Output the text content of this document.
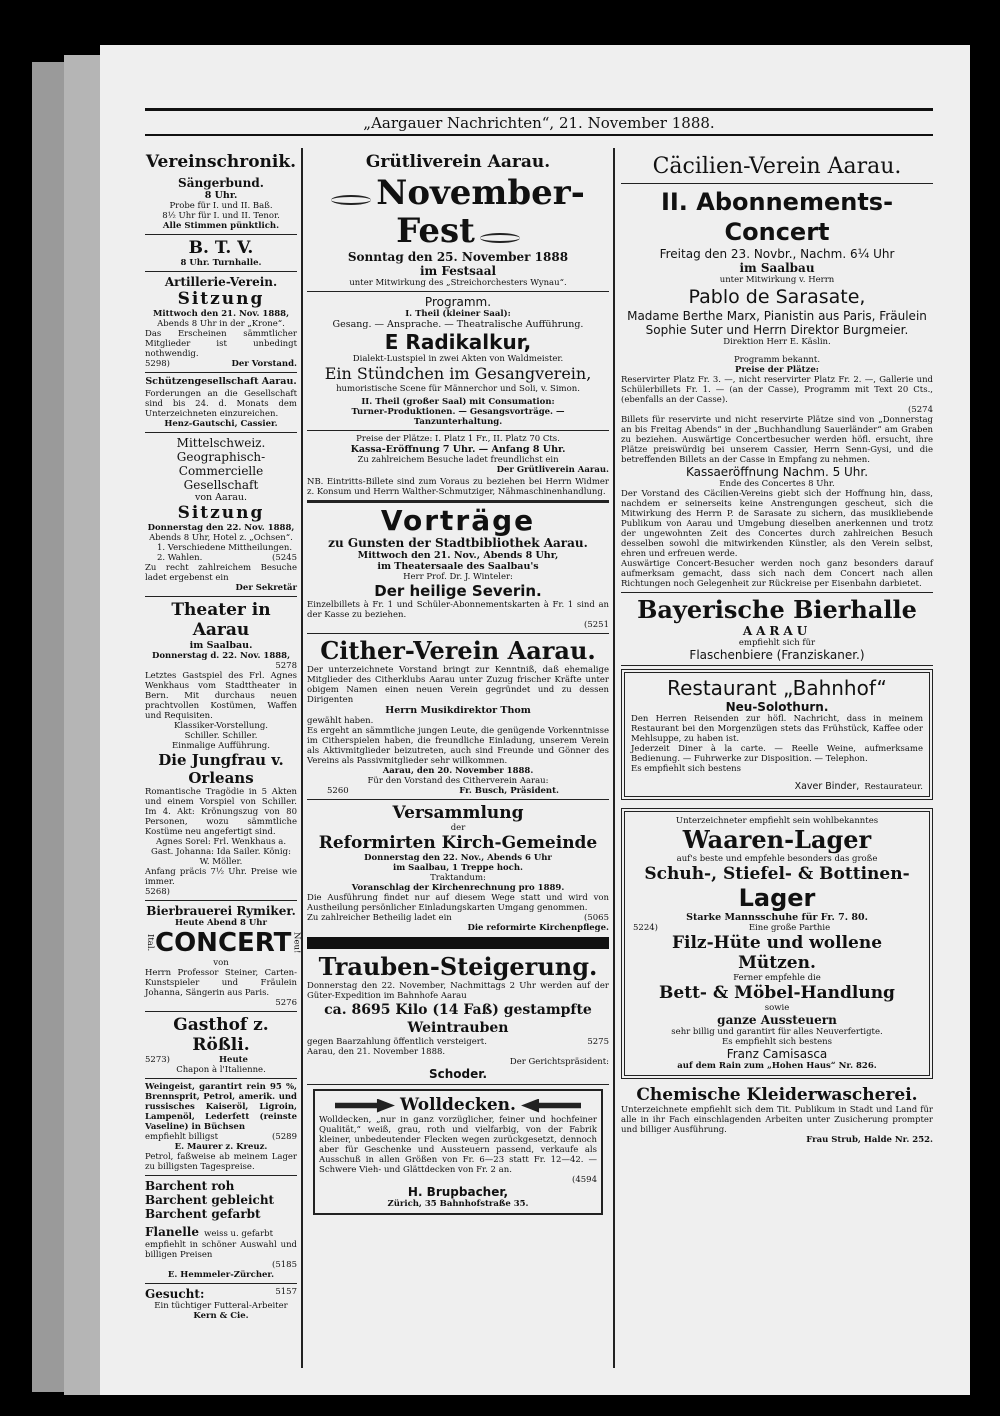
„Aargauer Nachrichten“, 21. November 1888.
Vereinschronik.
Sängerbund.
8 Uhr.
Probe für I. und II. Baß.
8½ Uhr für I. und II. Tenor.
Alle Stimmen pünktlich.
B. T. V.
8 Uhr. Turnhalle.
Artillerie-Verein.
Sitzung
Mittwoch den 21. Nov. 1888,
Abends 8 Uhr in der „Krone“.
Das Erscheinen sämmtlicher Mitglieder ist unbedingt nothwendig.
5298)	Der Vorstand.
Schützengesellschaft Aarau.
Forderungen an die Gesellschaft sind bis 24. d. Monats dem Unterzeichneten einzureichen.
Henz-Gautschi, Cassier.
Mittelschweiz. Geographisch-
Commercielle Gesellschaft
von Aarau.
Sitzung
Donnerstag den 22. Nov. 1888,
Abends 8 Uhr, Hotel z. „Ochsen“.
1. Verschiedene Mittheilungen.
2. Wahlen.	(5245
Zu recht zahlreichem Besuche ladet ergebenst ein
Der Sekretär
Theater in Aarau
im Saalbau.
Donnerstag d. 22. Nov. 1888,
5278
Letztes Gastspiel des Frl. Agnes Wenkhaus vom Stadttheater in Bern. Mit durchaus neuen prachtvollen Kostümen, Waffen und Requisiten.
Klassiker-Vorstellung.
Schiller. Schiller.
Einmalige Aufführung.
Die Jungfrau v. Orleans
Romantische Tragödie in 5 Akten und einem Vorspiel von Schiller. Im 4. Akt: Krönungszug von 80 Personen, wozu sämmtliche Kostüme neu angefertigt sind.
Agnes Sorel: Frl. Wenkhaus a. Gast. Johanna: Ida Sailer. König: W. Möller.
Anfang präcis 7½ Uhr. Preise wie immer.
5268)
Bierbrauerei Rymiker.
Heute Abend 8 Uhr
Ital. CONCERT Neu!
von
Herrn Professor Steiner, Carten-Kunstspieler und Fräulein Johanna, Sängerin aus Paris.
5276
Gasthof z. Rößli.
5273)	Heute
Chapon à l'Italienne.
Weingeist, garantirt rein 95 %, Brennsprit, Petrol, amerik. und russisches Kaiseröl, Ligroin, Lampenöl, Lederfett (reinste Vaseline) in Büchsen
empfiehlt billigst	(5289
E. Maurer z. Kreuz.
Petrol, faßweise ab meinem Lager zu billigsten Tagespreise.
Barchent roh
Barchent gebleicht
Barchent gefarbt
Flanelle weiss u. gefarbt
empfiehlt in schöner Auswahl und billigen Preisen
(5185
E. Hemmeler-Zürcher.
Gesucht:	5157
Ein tüchtiger Futteral-Arbeiter
Kern & Cie.
Grütliverein Aarau.
November-Fest
Sonntag den 25. November 1888
im Festsaal
unter Mitwirkung des „Streichorchesters Wynau“.
Programm.
I. Theil (kleiner Saal):
Gesang. — Ansprache. — Theatralische Aufführung.
E Radikalkur,
Dialekt-Lustspiel in zwei Akten von Waldmeister.
Ein Stündchen im Gesangverein,
humoristische Scene für Männerchor und Soli, v. Simon.
II. Theil (großer Saal) mit Consumation:
Turner-Produktionen. — Gesangsvorträge. — Tanzunterhaltung.
Preise der Plätze: I. Platz 1 Fr., II. Platz 70 Cts.
Kassa-Eröffnung 7 Uhr. — Anfang 8 Uhr.
Zu zahlreichem Besuche ladet freundlichst ein
Der Grütliverein Aarau.
NB. Eintritts-Billete sind zum Voraus zu beziehen bei Herrn Widmer z. Konsum und Herrn Walther-Schmutziger, Nähmaschinenhandlung.
Vorträge
zu Gunsten der Stadtbibliothek Aarau.
Mittwoch den 21. Nov., Abends 8 Uhr,
im Theatersaale des Saalbau's
Herr Prof. Dr. J. Winteler:
Der heilige Severin.
Einzelbillets à Fr. 1 und Schüler-Abonnementskarten à Fr. 1 sind an der Kasse zu beziehen.
(5251
Cither-Verein Aarau.
Der unterzeichnete Vorstand bringt zur Kenntniß, daß ehemalige Mitglieder des Citherklubs Aarau unter Zuzug frischer Kräfte unter obigem Namen einen neuen Verein gegründet und zu dessen Dirigenten
Herrn Musikdirektor Thom
gewählt haben.
Es ergeht an sämmtliche jungen Leute, die genügende Vorkenntnisse im Citherspielen haben, die freundliche Einladung, unserem Verein als Aktivmitglieder beizutreten, auch sind Freunde und Gönner des Vereins als Passivmitglieder sehr willkommen.
Aarau, den 20. November 1888.
Für den Vorstand des Citherverein Aarau:
5260	Fr. Busch, Präsident.
Versammlung
der
Reformirten Kirch-Gemeinde
Donnerstag den 22. Nov., Abends 6 Uhr
im Saalbau, 1 Treppe hoch.
Traktandum:
Voranschlag der Kirchenrechnung pro 1889.
Die Ausführung findet nur auf diesem Wege statt und wird von Austheilung persönlicher Einladungskarten Umgang genommen.
Zu zahlreicher Betheilig ladet ein	(5065
Die reformirte Kirchenpflege.
Trauben-Steigerung.
Donnerstag den 22. November, Nachmittags 2 Uhr werden auf der Güter-Expedition im Bahnhofe Aarau
ca. 8695 Kilo (14 Faß) gestampfte Weintrauben
gegen Baarzahlung öffentlich versteigert.	5275
Aarau, den 21. November 1888.
Der Gerichtspräsident:
Schoder.
Wolldecken.
Wolldecken, „nur in ganz vorzüglicher, feiner und hochfeiner Qualität,“ weiß, grau, roth und vielfarbig, von der Fabrik kleiner, unbedeutender Flecken wegen zurückgesetzt, dennoch aber für Geschenke und Aussteuern passend, verkaufe als Ausschuß in allen Größen von Fr. 6—23 statt Fr. 12—42. — Schwere Vieh- und Glättdecken von Fr. 2 an.
(4594
H. Brupbacher,
Zürich, 35 Bahnhofstraße 35.
Cäcilien-Verein Aarau.
II. Abonnements-Concert
Freitag den 23. Novbr., Nachm. 6¼ Uhr
im Saalbau
unter Mitwirkung v. Herrn
Pablo de Sarasate,
Madame Berthe Marx, Pianistin aus Paris, Fräulein Sophie Suter und Herrn Direktor Burgmeier.
Direktion Herr E. Käslin.
Programm bekannt.
Preise der Plätze:
Reservirter Platz Fr. 3. —, nicht reservirter Platz Fr. 2. —, Gallerie und Schülerbillets Fr. 1. — (an der Casse), Programm mit Text 20 Cts., (ebenfalls an der Casse).
(5274
Billets für reservirte und nicht reservirte Plätze sind von „Donnerstag an bis Freitag Abends“ in der „Buchhandlung Sauerländer“ am Graben zu beziehen. Auswärtige Concertbesucher werden höfl. ersucht, ihre Plätze preiswürdig bei unserem Cassier, Herrn Senn-Gysi, und die betreffenden Billets an der Casse in Empfang zu nehmen.
Kassaeröffnung Nachm. 5 Uhr.
Ende des Concertes 8 Uhr.
Der Vorstand des Cäcilien-Vereins giebt sich der Hoffnung hin, dass, nachdem er seinerseits keine Anstrengungen gescheut, sich die Mitwirkung des Herrn P. de Sarasate zu sichern, das musikliebende Publikum von Aarau und Umgebung dieselben anerkennen und trotz der ungewohnten Zeit des Concertes durch zahlreichen Besuch desselben sowohl die mitwirkenden Künstler, als den Verein selbst, ehren und erfreuen werde.
Auswärtige Concert-Besucher werden noch ganz besonders darauf aufmerksam gemacht, dass sich nach dem Concert nach allen Richtungen noch Gelegenheit zur Rückreise per Eisenbahn darbietet.
Bayerische Bierhalle
AARAU
empfiehlt sich für
Flaschenbiere (Franziskaner.)
Restaurant „Bahnhof“
Neu-Solothurn.
Den Herren Reisenden zur höfl. Nachricht, dass in meinem Restaurant bei den Morgenzügen stets das Frühstück, Kaffee oder Mehlsuppe, zu haben ist.
Jederzeit Diner à la carte. — Reelle Weine, aufmerksame Bedienung. — Fuhrwerke zur Disposition. — Telephon.
Es empfiehlt sich bestens
Xaver Binder, Restaurateur.
Unterzeichneter empfiehlt sein wohlbekanntes
Waaren-Lager
auf's beste und empfehle besonders das große
Schuh-, Stiefel- & Bottinen-
Lager
Starke Mannsschuhe für Fr. 7. 80.
5224)	Eine große Parthie
Filz-Hüte und wollene Mützen.
Ferner empfehle die
Bett- & Möbel-Handlung
sowie
ganze Aussteuern
sehr billig und garantirt für alles Neuverfertigte.
Es empfiehlt sich bestens
Franz Camisasca
auf dem Rain zum „Hohen Haus“ Nr. 826.
Chemische Kleiderwascherei.
Unterzeichnete empfiehlt sich dem Tit. Publikum in Stadt und Land für alle in ihr Fach einschlagenden Arbeiten unter Zusicherung prompter und billiger Ausführung.
Frau Strub, Halde Nr. 252.
